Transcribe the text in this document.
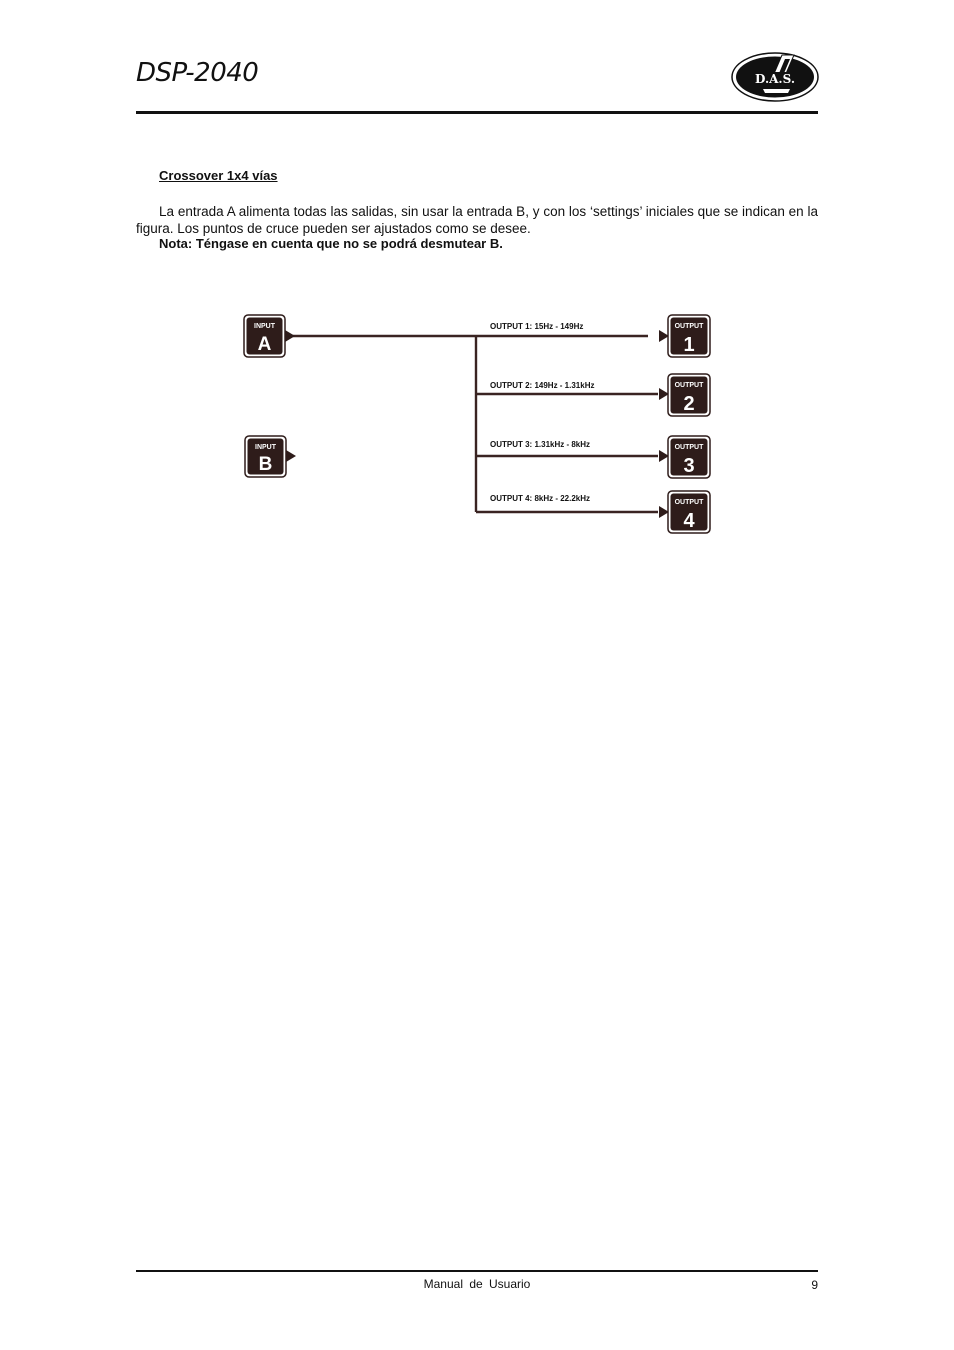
DSP-2040	D.A.S.
Crossover 1x4 vías

La entrada A alimenta todas las salidas, sin usar la entrada B, y con los ‘settings’ iniciales que se indican en la figura. Los puntos de cruce pueden ser ajustados como se desee.

Nota: Téngase en cuenta que no se podrá desmutear B.
INPUT
A
INPUT
B
OUTPUT 1: 15Hz - 149Hz
OUTPUT 2: 149Hz - 1.31kHz
OUTPUT 3: 1.31kHz - 8kHz
OUTPUT 4: 8kHz - 22.2kHz
OUTPUT
1
OUTPUT
2
OUTPUT
3
OUTPUT
4
Manual de Usuario	9
